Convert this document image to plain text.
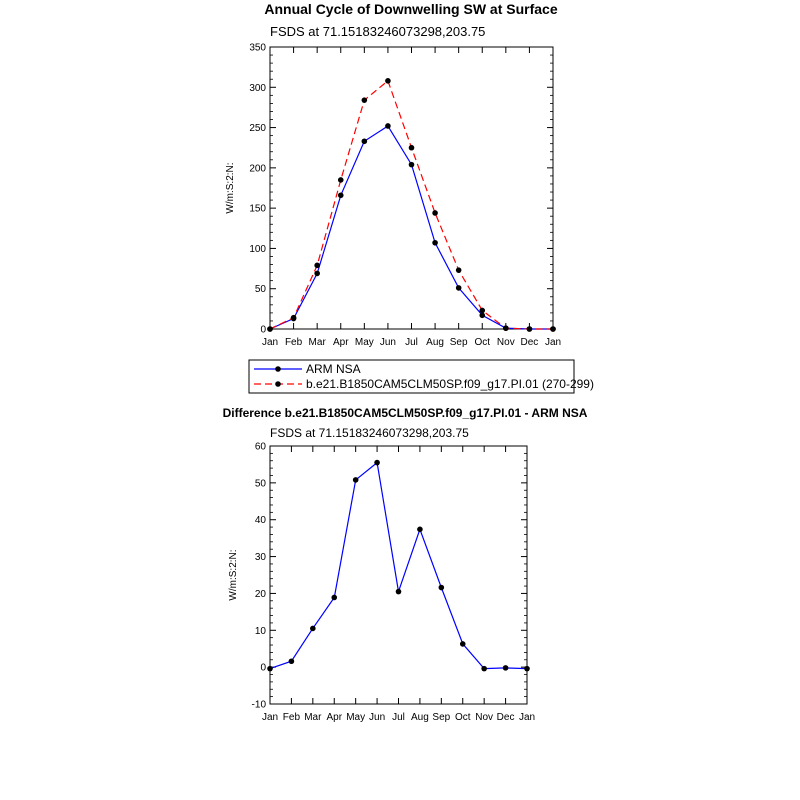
Annual Cycle of Downwelling SW at Surface
FSDS at 71.15183246073298,203.75
W/m:S:2:N:
ARM NSA
b.e21.B1850CAM5CLM50SP.f09_g17.PI.01 (270-299)
Difference b.e21.B1850CAM5CLM50SP.f09_g17.PI.01 - ARM NSA
FSDS at 71.15183246073298,203.75
W/m:S:2:N:
0
50
100
150
200
250
300
350
Jan Feb Mar Apr May Jun Jul Aug Sep Oct Nov Dec Jan
-10
0
10
20
30
40
50
60
Jan Feb Mar Apr May Jun Jul Aug Sep Oct Nov Dec Jan
